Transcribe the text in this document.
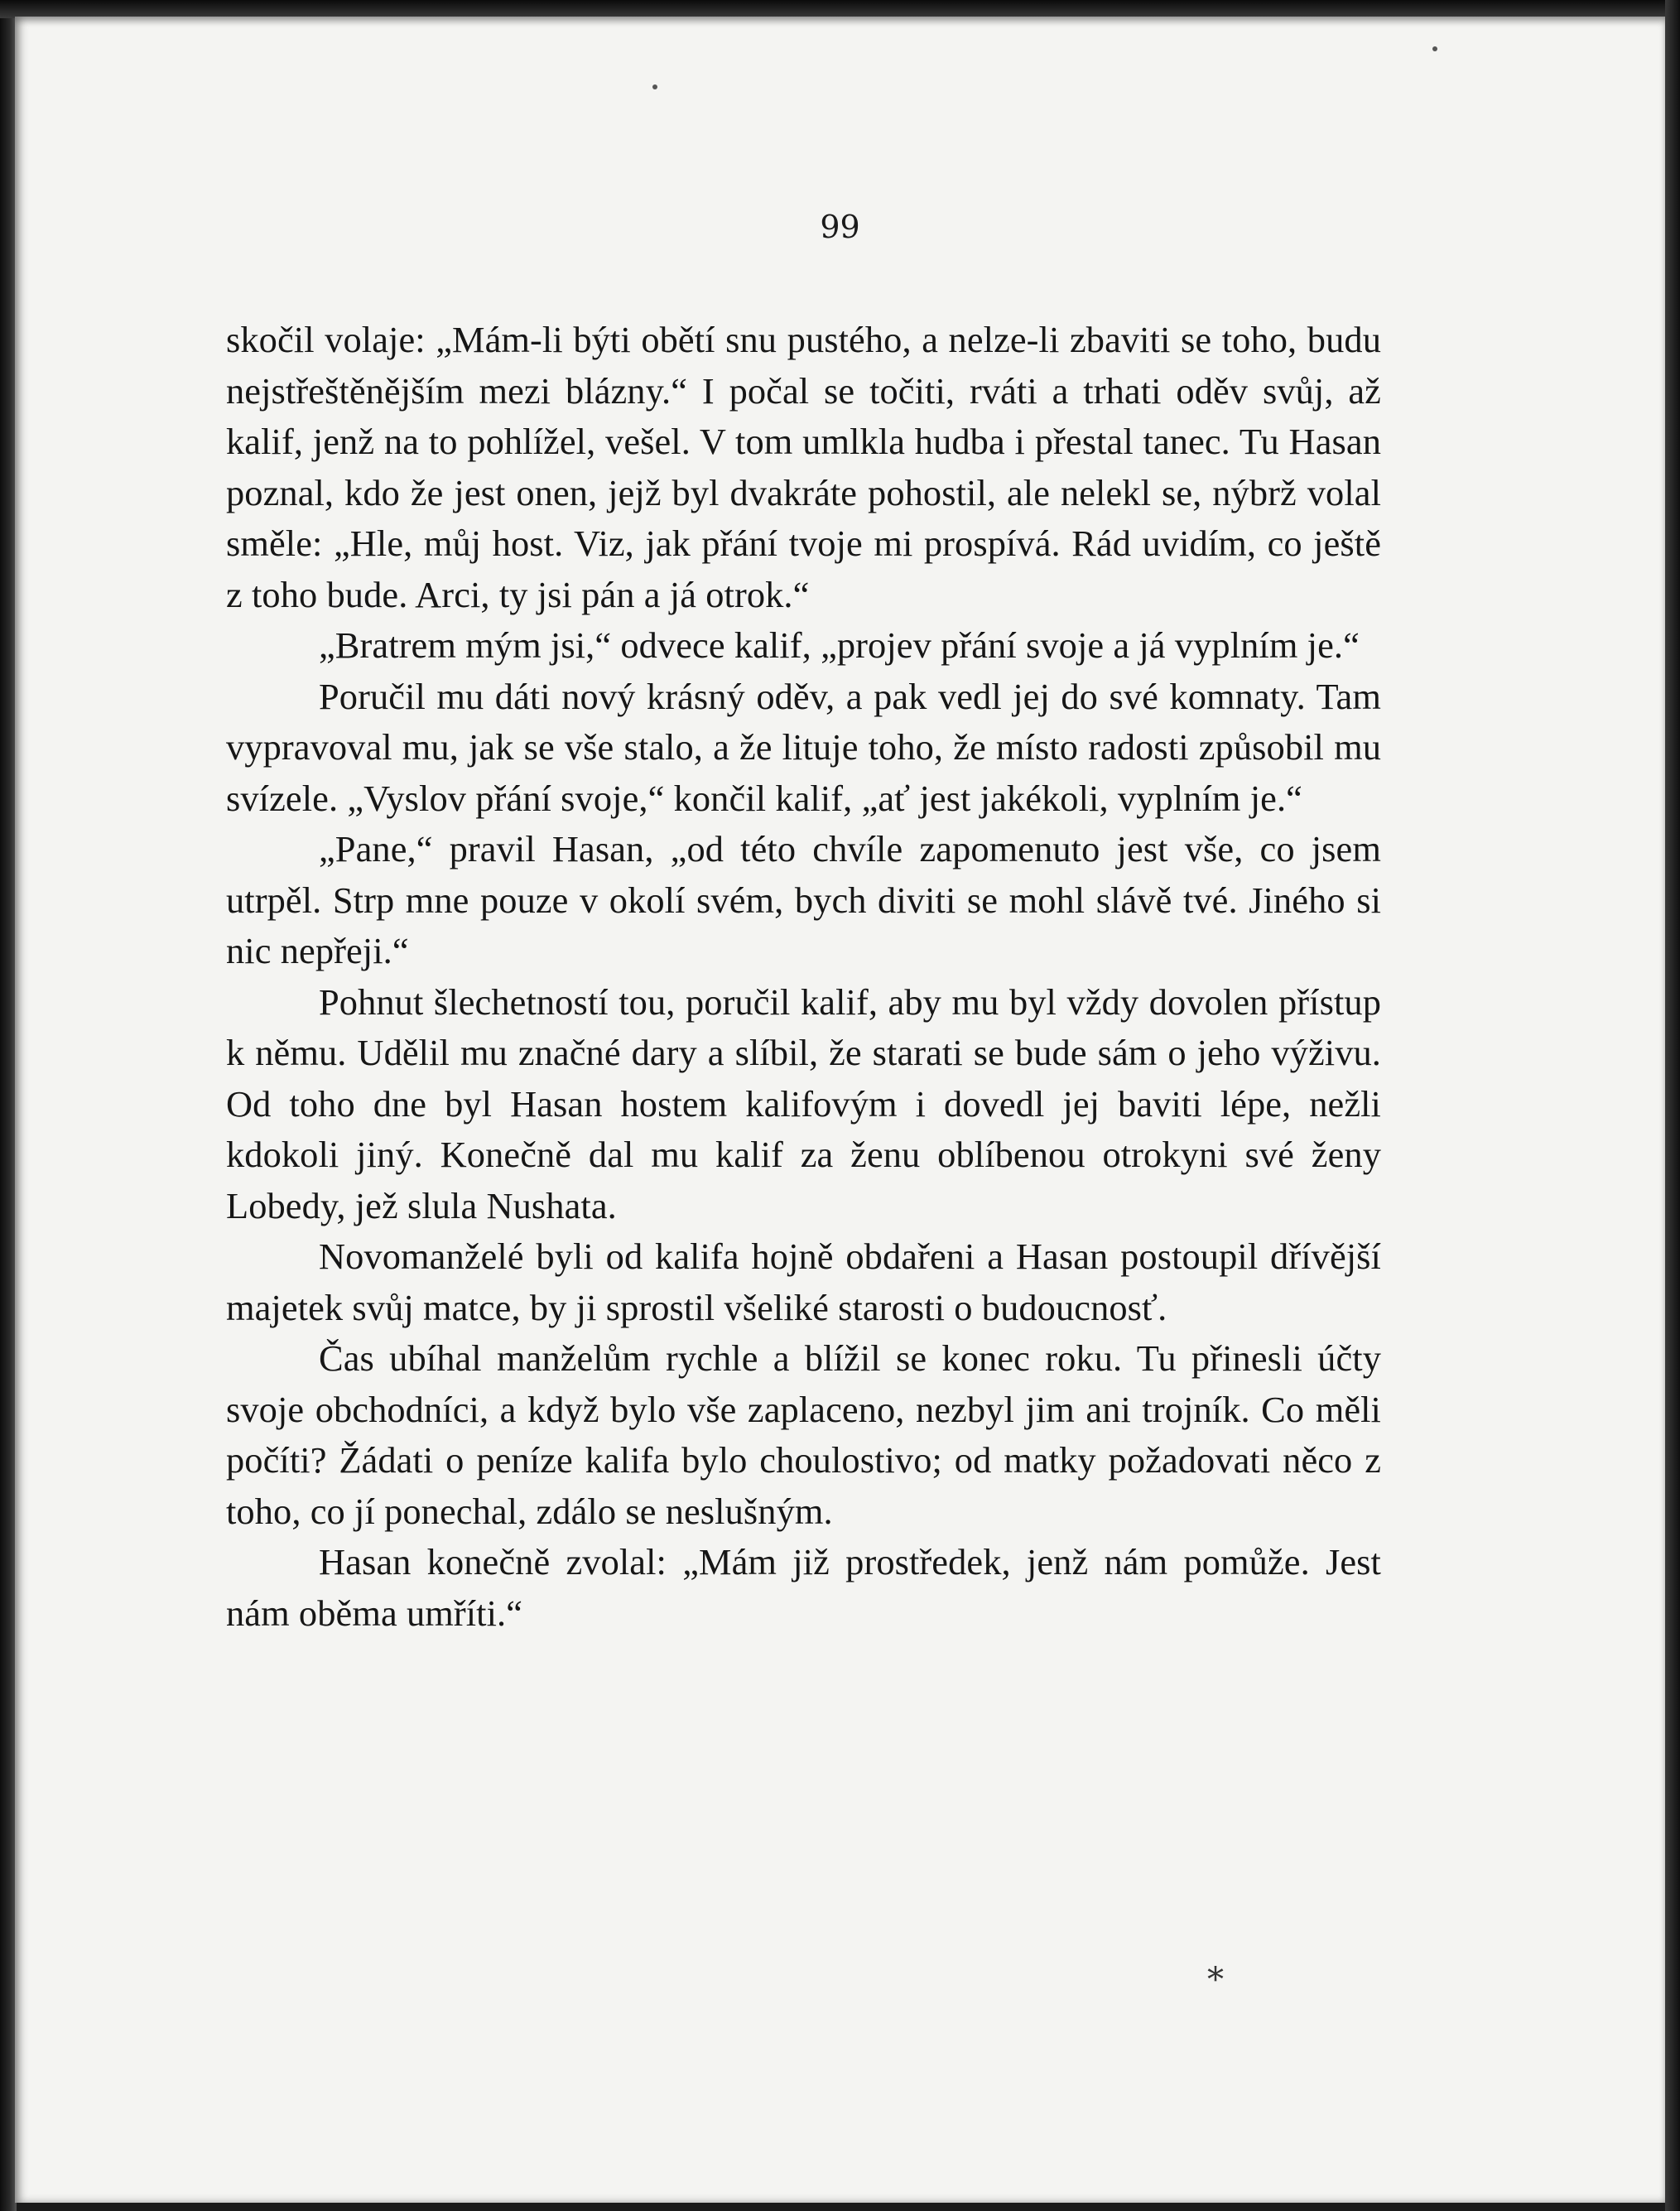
99

skočil volaje: „Mám-li býti obětí snu pustého, a nelze-li zbaviti se toho, budu nejstřeštěnějším mezi blázny.“ I počal se točiti, rváti a trhati oděv svůj, až kalif, jenž na to pohlížel, vešel. V tom umlkla hudba i přestal tanec. Tu Hasan poznal, kdo že jest onen, jejž byl dvakráte pohostil, ale nelekl se, nýbrž volal směle: „Hle, můj host. Viz, jak přání tvoje mi prospívá. Rád uvidím, co ještě z toho bude. Arci, ty jsi pán a já otrok.“

„Bratrem mým jsi,“ odvece kalif, „projev přání svoje a já vyplním je.“

Poručil mu dáti nový krásný oděv, a pak vedl jej do své komnaty. Tam vypravoval mu, jak se vše stalo, a že lituje toho, že místo radosti způsobil mu svízele. „Vyslov přání svoje,“ končil kalif, „ať jest jakékoli, vyplním je.“

„Pane,“ pravil Hasan, „od této chvíle zapomenuto jest vše, co jsem utrpěl. Strp mne pouze v okolí svém, bych diviti se mohl slávě tvé. Jiného si nic nepřeji.“

Pohnut šlechetností tou, poručil kalif, aby mu byl vždy dovolen přístup k němu. Udělil mu značné dary a slíbil, že starati se bude sám o jeho výživu. Od toho dne byl Hasan hostem kalifovým i dovedl jej baviti lépe, nežli kdokoli jiný. Konečně dal mu kalif za ženu oblíbenou otrokyni své ženy Lobedy, jež slula Nushata.

Novomanželé byli od kalifa hojně obdařeni a Hasan postoupil dřívější majetek svůj matce, by ji sprostil všeliké starosti o budoucnosť.

Čas ubíhal manželům rychle a blížil se konec roku. Tu přinesli účty svoje obchodníci, a když bylo vše zaplaceno, nezbyl jim ani trojník. Co měli počíti? Žádati o peníze kalifa bylo choulostivo; od matky požadovati něco z toho, co jí ponechal, zdálo se neslušným.

Hasan konečně zvolal: „Mám již prostředek, jenž nám pomůže. Jest nám oběma umříti.“

*
